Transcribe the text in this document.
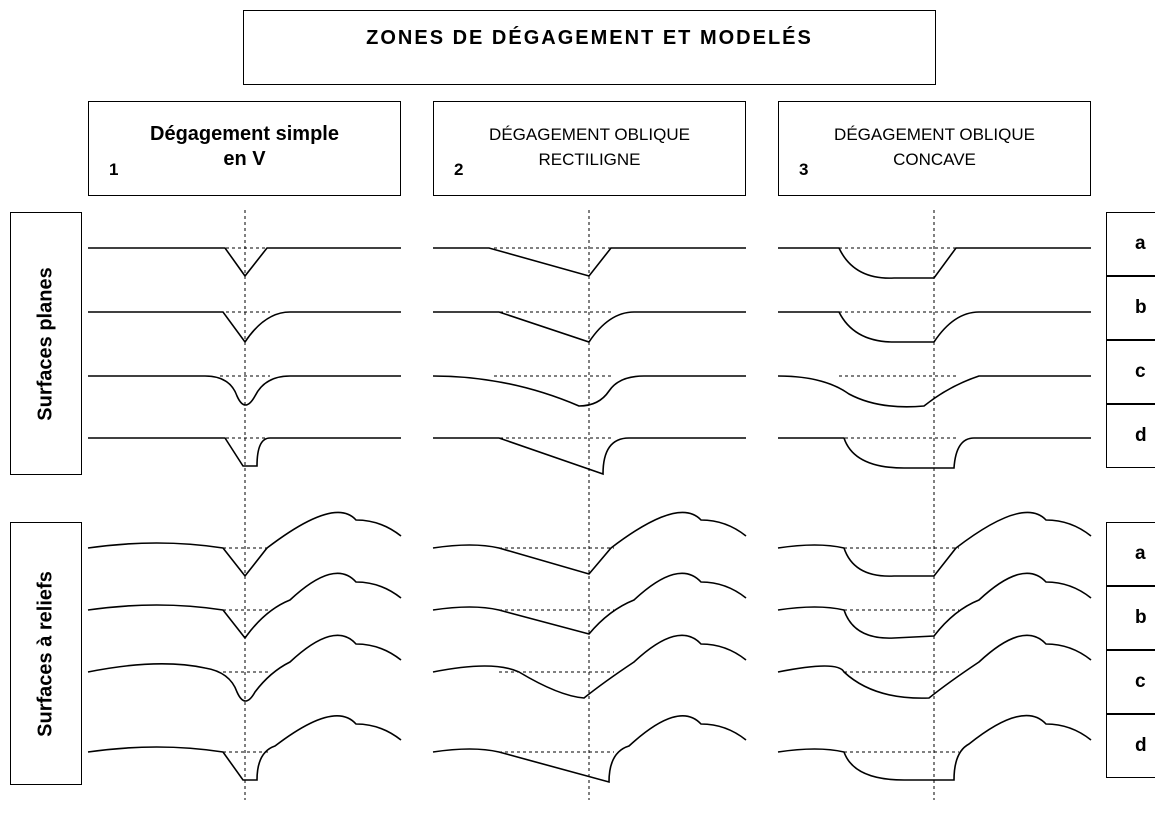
ZONES DE DÉGAGEMENT ET MODELÉS
Dégagement simple
en V
1
DÉGAGEMENT OBLIQUE
RECTILIGNE
2
DÉGAGEMENT OBLIQUE
CONCAVE
3
Surfaces planes
Surfaces à reliefs
a
b
c
d
a
b
c
d
